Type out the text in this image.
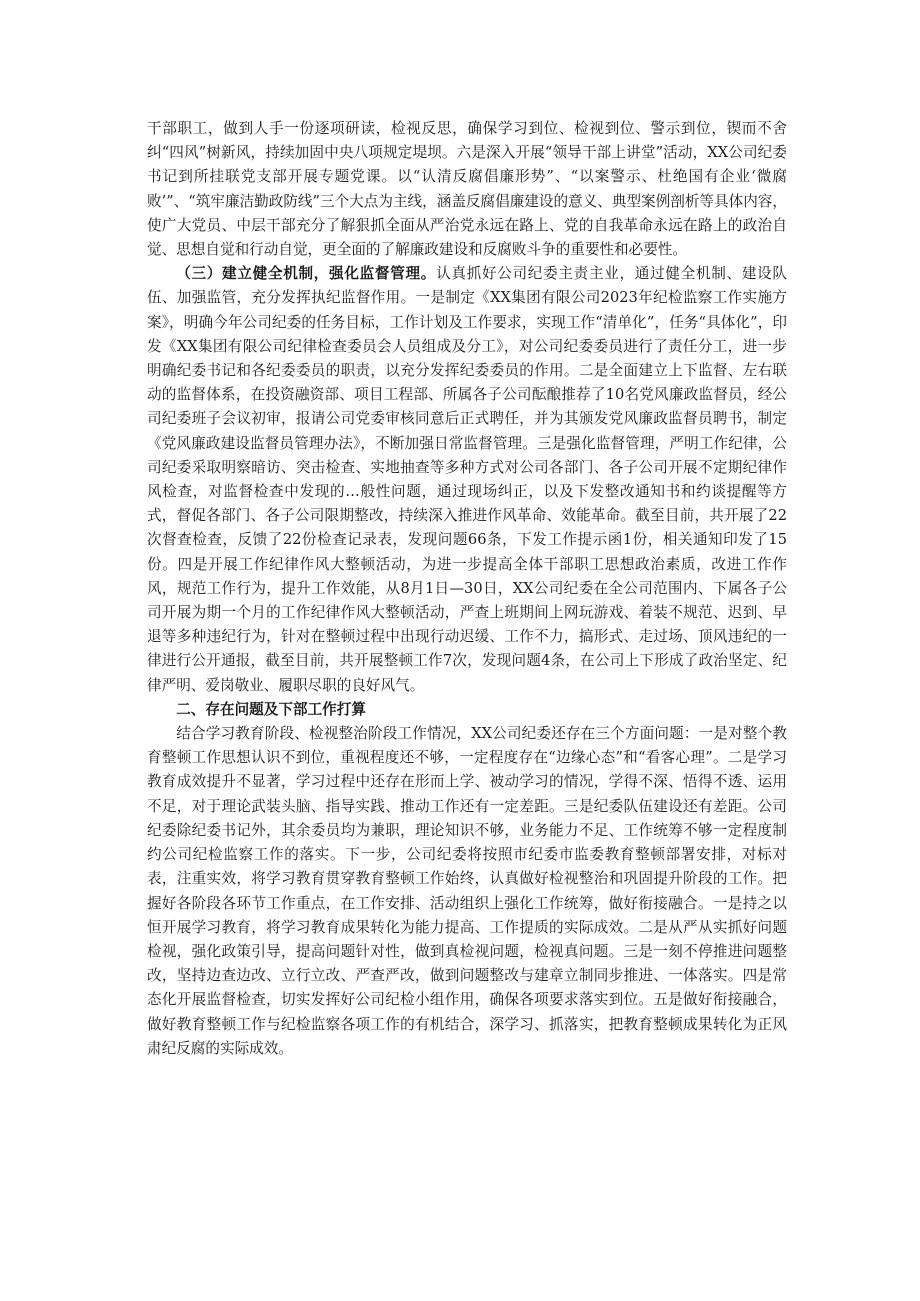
干部职工，做到人手一份逐项研读，检视反思，确保学习到位、检视到位、警示到位，锲而不舍纠“四风”树新风，持续加固中央八项规定堤坝。六是深入开展“领导干部上讲堂”活动，XX公司纪委书记到所挂联党支部开展专题党课。以“认清反腐倡廉形势”、“以案警示、杜绝国有企业‘微腐败’”、“筑牢廉洁勤政防线”三个大点为主线，涵盖反腐倡廉建设的意义、典型案例剖析等具体内容，使广大党员、中层干部充分了解狠抓全面从严治党永远在路上、党的自我革命永远在路上的政治自觉、思想自觉和行动自觉，更全面的了解廉政建设和反腐败斗争的重要性和必要性。

（三）建立健全机制，强化监督管理。认真抓好公司纪委主责主业，通过健全机制、建设队伍、加强监管，充分发挥执纪监督作用。一是制定《XX集团有限公司2023年纪检监察工作实施方案》，明确今年公司纪委的任务目标，工作计划及工作要求，实现工作“清单化”，任务“具体化”，印发《XX集团有限公司纪律检查委员会人员组成及分工》，对公司纪委委员进行了责任分工，进一步明确纪委书记和各纪委委员的职责，以充分发挥纪委委员的作用。二是全面建立上下监督、左右联动的监督体系，在投资融资部、项目工程部、所属各子公司酝酿推荐了10名党风廉政监督员，经公司纪委班子会议初审，报请公司党委审核同意后正式聘任，并为其颁发党风廉政监督员聘书，制定《党风廉政建设监督员管理办法》，不断加强日常监督管理。三是强化监督管理，严明工作纪律，公司纪委采取明察暗访、突击检查、实地抽查等多种方式对公司各部门、各子公司开展不定期纪律作风检查，对监督检查中发现的…般性问题，通过现场纠正，以及下发整改通知书和约谈提醒等方式，督促各部门、各子公司限期整改，持续深入推进作风革命、效能革命。截至目前，共开展了22次督查检查，反馈了22份检查记录表，发现问题66条，下发工作提示函1份，相关通知印发了15份。四是开展工作纪律作风大整顿活动，为进一步提高全体干部职工思想政治素质，改进工作作风，规范工作行为，提升工作效能，从8月1日—30日，XX公司纪委在全公司范围内、下属各子公司开展为期一个月的工作纪律作风大整顿活动，严查上班期间上网玩游戏、着装不规范、迟到、早退等多种违纪行为，针对在整顿过程中出现行动迟缓、工作不力，搞形式、走过场、顶风违纪的一律进行公开通报，截至目前，共开展整顿工作7次，发现问题4条，在公司上下形成了政治坚定、纪律严明、爱岗敬业、履职尽职的良好风气。

二、存在问题及下部工作打算

结合学习教育阶段、检视整治阶段工作情况，XX公司纪委还存在三个方面问题：一是对整个教育整顿工作思想认识不到位，重视程度还不够，一定程度存在“边缘心态”和“看客心理”。二是学习教育成效提升不显著，学习过程中还存在形而上学、被动学习的情况，学得不深、悟得不透、运用不足，对于理论武装头脑、指导实践、推动工作还有一定差距。三是纪委队伍建设还有差距。公司纪委除纪委书记外，其余委员均为兼职，理论知识不够，业务能力不足、工作统筹不够一定程度制约公司纪检监察工作的落实。下一步，公司纪委将按照市纪委市监委教育整顿部署安排，对标对表，注重实效，将学习教育贯穿教育整顿工作始终，认真做好检视整治和巩固提升阶段的工作。把握好各阶段各环节工作重点，在工作安排、活动组织上强化工作统筹，做好衔接融合。一是持之以恒开展学习教育，将学习教育成果转化为能力提高、工作提质的实际成效。二是从严从实抓好问题检视，强化政策引导，提高问题针对性，做到真检视问题，检视真问题。三是一刻不停推进问题整改，坚持边查边改、立行立改、严查严改，做到问题整改与建章立制同步推进、一体落实。四是常态化开展监督检查，切实发挥好公司纪检小组作用，确保各项要求落实到位。五是做好衔接融合，做好教育整顿工作与纪检监察各项工作的有机结合，深学习、抓落实，把教育整顿成果转化为正风肃纪反腐的实际成效。
